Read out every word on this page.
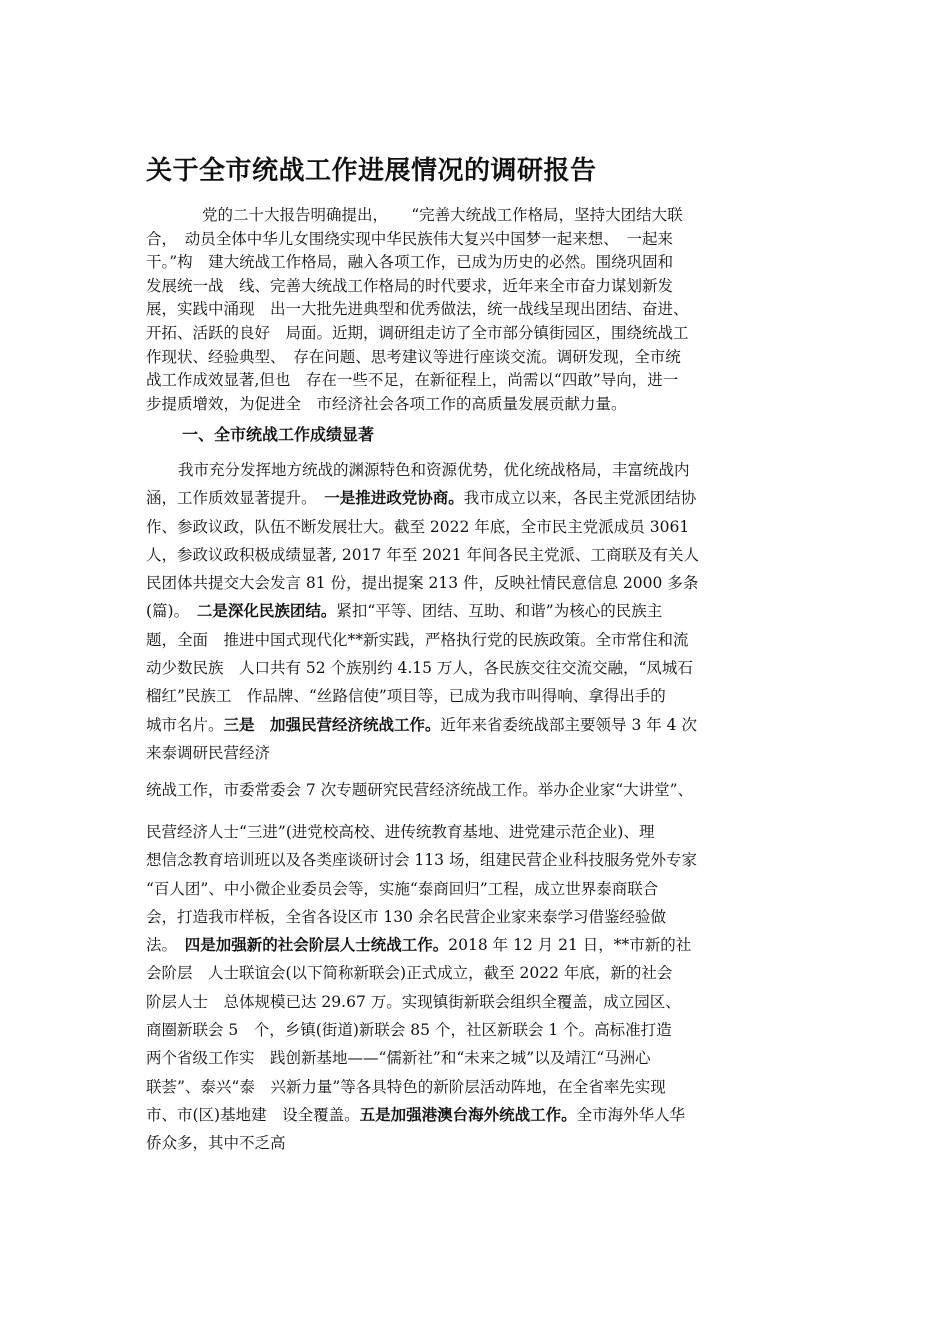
关于全市统战工作进展情况的调研报告
党的二十大报告明确提出，　　“完善大统战工作格局，坚持大团结大联
合，　动员全体中华儿女围绕实现中华民族伟大复兴中国梦一起来想、　一起来
干。”构　建大统战工作格局，融入各项工作，已成为历史的必然。围绕巩固和
发展统一战　线、完善大统战工作格局的时代要求，近年来全市奋力谋划新发
展，实践中涌现　出一大批先进典型和优秀做法，统一战线呈现出团结、奋进、
开拓、活跃的良好　局面。近期，调研组走访了全市部分镇街园区，围绕统战工
作现状、经验典型、　存在问题、思考建议等进行座谈交流。调研发现，全市统
战工作成效显著,但也　存在一些不足，在新征程上，尚需以“四敢”导向，进一
步提质增效，为促进全　市经济社会各项工作的高质量发展贡献力量。
一、全市统战工作成绩显著
我市充分发挥地方统战的渊源特色和资源优势，优化统战格局，丰富统战内
涵，工作质效显著提升。　一是推进政党协商。我市成立以来，各民主党派团结协
作、参政议政，队伍不断发展壮大。截至 2022 年底，全市民主党派成员 3061
人，参政议政积极成绩显著, 2017 年至 2021 年间各民主党派、工商联及有关人
民团体共提交大会发言 81 份，提出提案 213 件，反映社情民意信息 2000 多条
(篇)。　二是深化民族团结。紧扣“平等、团结、互助、和谐”为核心的民族主
题，全面　推进中国式现代化**新实践，严格执行党的民族政策。全市常住和流
动少数民族　人口共有 52 个族别约 4.15 万人，各民族交往交流交融，“凤城石
榴红”民族工　作品牌、“丝路信使”项目等，已成为我市叫得响、拿得出手的
城市名片。三是　加强民营经济统战工作。近年来省委统战部主要领导 3 年 4 次
来泰调研民营经济
统战工作，市委常委会 7 次专题研究民营经济统战工作。举办企业家“大讲堂”、
民营经济人士“三进”(进党校高校、进传统教育基地、进党建示范企业)、理
想信念教育培训班以及各类座谈研讨会 113 场，组建民营企业科技服务党外专家
“百人团”、中小微企业委员会等，实施“泰商回归”工程，成立世界泰商联合
会，打造我市样板，全省各设区市 130 余名民营企业家来泰学习借鉴经验做
法。　四是加强新的社会阶层人士统战工作。2018 年 12 月 21 日，**市新的社
会阶层　人士联谊会(以下简称新联会)正式成立，截至 2022 年底，新的社会
阶层人士　总体规模已达 29.67 万。实现镇街新联会组织全覆盖，成立园区、
商圈新联会 5　个，乡镇(街道)新联会 85 个，社区新联会 1 个。高标准打造
两个省级工作实　践创新基地——“儒新社”和“未来之城”以及靖江“马洲心
联荟”、泰兴“泰　兴新力量”等各具特色的新阶层活动阵地，在全省率先实现
市、市(区)基地建　设全覆盖。五是加强港澳台海外统战工作。全市海外华人华
侨众多，其中不乏高
